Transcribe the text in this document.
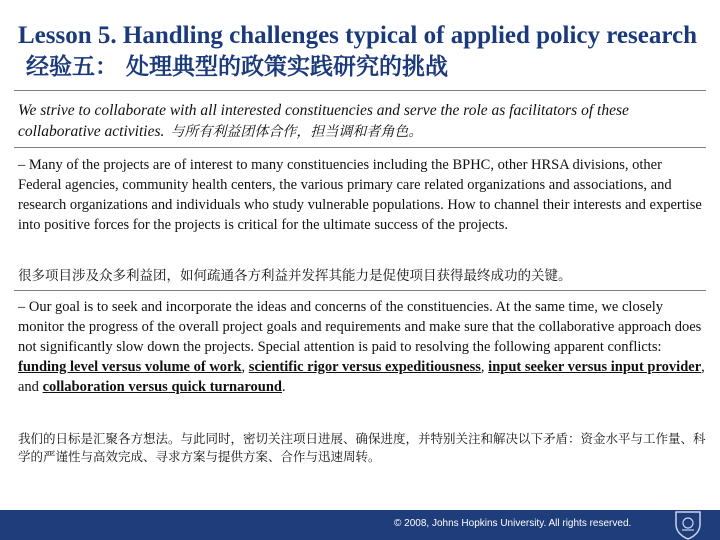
Lesson 5. Handling challenges typical of applied policy research经验五： 处理典型的政策实践研究的挑战
We strive to collaborate with all interested constituencies and serve the role as facilitators of these collaborative activities. 与所有利益团体合作，担当调和者角色。
– Many of the projects are of interest to many constituencies including the BPHC, other HRSA divisions, other Federal agencies, community health centers, the various primary care related organizations and associations, and research organizations and individuals who study vulnerable populations. How to channel their interests and expertise into positive forces for the projects is critical for the ultimate success of the projects.
很多项目涉及众多利益团，如何疏通各方利益并发挥其能力是促使项目获得最终成功的关键。
– Our goal is to seek and incorporate the ideas and concerns of the constituencies. At the same time, we closely monitor the progress of the overall project goals and requirements and make sure that the collaborative approach does not significantly slow down the projects. Special attention is paid to resolving the following apparent conflicts: funding level versus volume of work, scientific rigor versus expeditiousness, input seeker versus input provider, and collaboration versus quick turnaround.
我们的日标是汇聚各方想法。与此同时，密切关注项日进展、确保进度，并特别关注和解决以下矛盾：资金水平与工作量、科学的严谨性与高效完成、寻求方案与提供方案、合作与迅速周转。
© 2008, Johns Hopkins University. All rights reserved.
